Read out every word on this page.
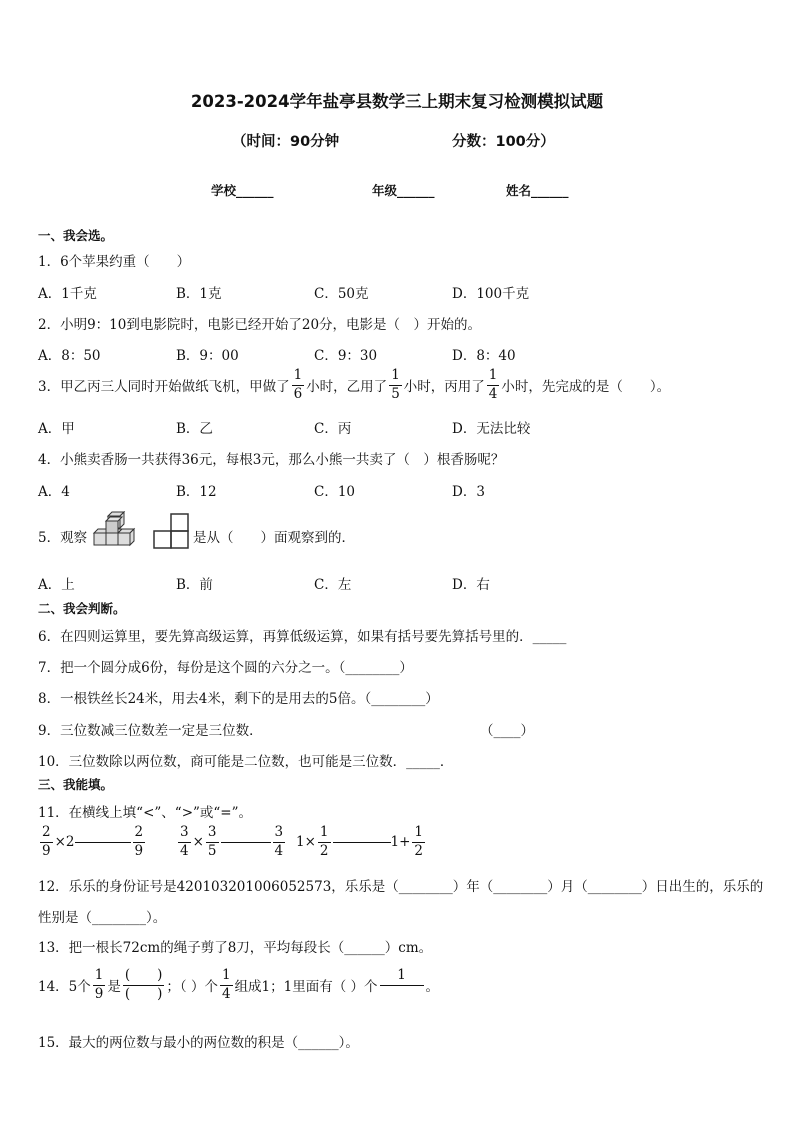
2023-2024学年盐亭县数学三上期末复习检测模拟试题
（时间：90分钟	分数：100分）
学校______	年级______	姓名______
一、我会选。
1．6个苹果约重（　　）
A．1千克	B．1克	C．50克	D．100千克
2．小明9：10到电影院时，电影已经开始了20分，电影是（　）开始的。
A．8：50	B．9：00	C．9：30	D．8：40
3．甲乙丙三人同时开始做纸飞机，甲做了 $\frac{1}{6}$ 小时，乙用了 $\frac{1}{5}$ 小时，丙用了 $\frac{1}{4}$ 小时，先完成的是（　　）。
A．甲	B．乙	C．丙	D．无法比较
4．小熊卖香肠一共获得36元，每根3元，那么小熊一共卖了（　）根香肠呢？
A．4	B．12	C．10	D．3
5．观察	是从（　　）面观察到的．
A．上	B．前	C．左	D．右
二、我会判断。
6．在四则运算里，要先算高级运算，再算低级运算，如果有括号要先算括号里的．_____
7．把一个圆分成6份，每份是这个圆的六分之一。（________）
8．一根铁丝长24米，用去4米，剩下的是用去的5倍。（________）
9．三位数减三位数差一定是三位数．	（____）
10．三位数除以两位数，商可能是二位数，也可能是三位数．_____．
三、我能填。
11．在横线上填“<”、“>”或“=”。
$\frac{2}{9} \times 2$	$\frac{2}{9} \frac{3}{4} \times \frac{3}{5}$	$\frac{3}{4} 1\times \frac{1}{2}$	$1+ \frac{1}{2}$
12．乐乐的身份证号是420103201006052573，乐乐是（________）年（________）月（________）日出生的，乐乐的
性别是（________）。
13．把一根长72cm的绳子剪了8刀，平均每段长（______）cm。
14．5个 $\frac{1}{9}$ 是 $\frac{( )}{( )}$ ；（ ）个 $\frac{1}{4}$ 组成1；1里面有（ ）个
1

。
15．最大的两位数与最小的两位数的积是（______）。
